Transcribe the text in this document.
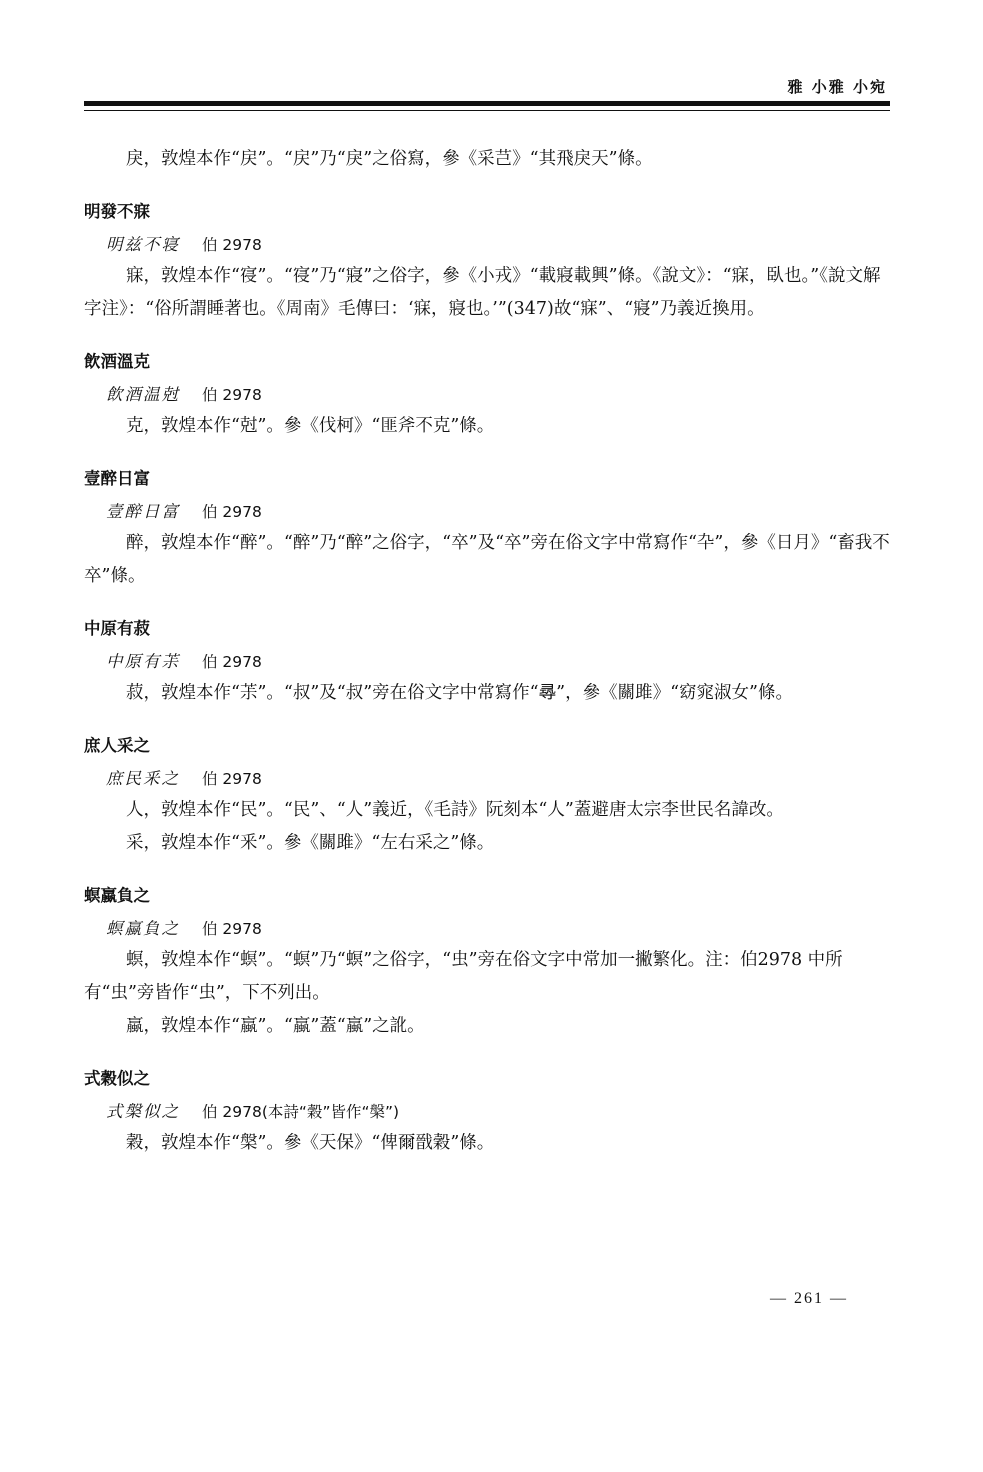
雅 小雅 小宛

戾，敦煌本作“戻”。“戻”乃“戾”之俗寫，參《采芑》“其飛戾天”條。

明發不寐

明兹不寝 伯 2978

寐，敦煌本作“寑”。“寑”乃“寢”之俗字，參《小戎》“載寢載興”條。《說文》：“寐，臥也。”《說文解字注》：“俗所謂睡著也。《周南》毛傳曰：‘寐，寢也。’”(347)故“寐”、“寢”乃義近換用。

飲酒溫克

飲酒温尅 伯 2978

克，敦煌本作“尅”。參《伐柯》“匪斧不克”條。

壹醉日富

壹醉日富 伯 2978

醉，敦煌本作“醉”。“醉”乃“醉”之俗字，“卒”及“卒”旁在俗文字中常寫作“卆”，參《日月》“畜我不卒”條。

中原有菽

中原有茮 伯 2978

菽，敦煌本作“茮”。“叔”及“叔”旁在俗文字中常寫作“𡬶”，參《關雎》“窈窕淑女”條。

庶人采之

庶民釆之 伯 2978

人，敦煌本作“民”。“民”、“人”義近，《毛詩》阮刻本“人”蓋避唐太宗李世民名諱改。

采，敦煌本作“釆”。參《關雎》“左右采之”條。

螟蠃負之

螟蠃負之 伯 2978

螟，敦煌本作“螟”。“螟”乃“螟”之俗字，“虫”旁在俗文字中常加一撇繁化。注：伯2978 中所有“虫”旁皆作“虫”，下不列出。

蠃，敦煌本作“蠃”。“蠃”蓋“蠃”之訛。

式穀似之

式槃似之 伯 2978(本詩“穀”皆作“槃”)

穀，敦煌本作“槃”。參《天保》“俾爾戩穀”條。

— 261 —
